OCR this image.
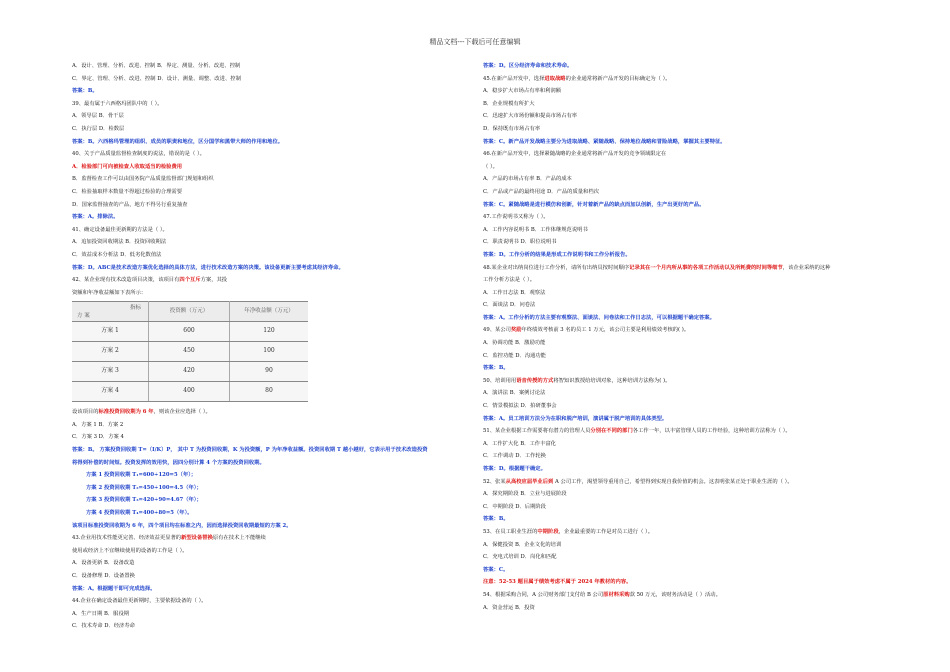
精品文档---下载后可任意编辑
A．设计、管理、分析、改进、控制 B．界定、测量、分析、改进、控制
C．界定、管理、分析、改进、控制 D．设计、测量、调整、改进、控制
答案：B。
39、最有属于六西格玛团队中的（ ）。
A．领导层 B．骨干层
C．执行层 D．检数层
答案：B。六西格玛管理的组织、成员的职责和地位，区分国学和黑带大师的作用和地位。
40、关于产品质量监督检查制度的说法，错误的是（ ）。
A．检验部门可向被检查人收取适当的检验费用
B．监督检查工作可以由国务院产品质量监督部门规划和组织
C．检验抽取样本数量不得超过检验的合理需要
D．国家监督抽查的产品，地方不得另行重复抽查
答案：A。排除法。
41、确定设备最佳更新期的方法是（ ）。
A．追加投资回收期法 B．投资回收期法
C．效益成本分析法 D．低劣化数值法
答案：D。ABC是技术改造方案优化选择的具体方法，进行技术改造方案的决策。该设备更新主要考虑其经济寿命。
42、某企业现有技术改造项目决策，该项目有四个互斥方案，其投
资额和年净收益额如下表所示：
指标
方 案	投资额（万元）	年净收益额（万元）
方案 1	600	120
方案 2	450	100
方案 3	420	90
方案 4	400	80
设该项目的标准投资回收期为 6 年，则该企业应选择（ ）。
A．方案 1 B．方案 2
C．方案 3 D．方案 4
答案：B。 方案投资回收期 T=（I/K）P， 其中 T 为投资回收期，K 为投资额，P 为年净收益额。投资回收期 T 越小越好，它表示用于技术改造投资
将得到补偿的时间短。投资发挥的效用快，因四分别计算 4 个方案的投资回收期。
方案 1 投资回收期 T₁=600÷120=5（年）；
方案 2 投资回收期 T₂=450÷100=4.5（年）；
方案 3 投资回收期 T₃=420÷90=4.67（年）；
方案 4 投资回收期 T₄=400÷80=5（年）。
该项目标准投资回收期为 6 年，四个项目均在标准之内，因而选择投资回收期最短的方案 2。
43.企业用技术性能更完善、经济效益更显著的新型设备替换原有在技术上不能继续
使用或经济上不宜继续使用的设备的工作是（ ）。
A．设备更新 B．设备改造
C．设备修理 D．设备置换
答案：A。根据题干即可完成选择。
44.企业在确定设备最佳更新期时，主要依据设备的（ ）。
A．生产日期 B．服役期
C．技术寿命 D．经济寿命
答案：D。区分经济寿命和技术寿命。
45.在新产品开发中，选择进取战略的企业通常将新产品开发的目标确定为（ ）。
A．稳步扩大市场占有率和利润额
B．企业规模有所扩大
C．迅速扩大市场份额和提高市场占有率
D．保持既有市场占有率
答案：C。新产品开发战略主要分为进取战略、紧随战略、保持地位战略和冒险战略，掌握其主要特征。
46.在新产品开发中，选择紧随战略的企业通常将新产品开发的竞争领域限定在
（ ）。
A．产品的市场占有率 B．产品的成本
C．产品或产品的最终用途 D．产品的质量和档次
答案：C。紧随战略是进行模仿和创新，针对着新产品的缺点而加以创新，生产出更好的产品。
47.工作说明书又称为（ ）。
A．工作内容说明书 B．工作体继规范说明书
C．职责说明书 D．职位说明书
答案：D。工作分析的结果是形成工作说明书和工作分析报告。
48.某企业对出纳岗位进行工作分析，请所有出纳员按时间顺序记录其在一个月内所从事的各项工作活动以及所耗费的时间等细节，该企业采纳的这种
工作分析方法是（ ）。
A．工作日志法 B．观察法
C．面谈法 D．问卷法
答案：A。工作分析的方法主要有观察法、面谈法、问卷法和工作日志法，可以根据题干确定答案。
49、某公司奖励年终绩效考核前 3 名的员工 1 万元，该公司主要是利用绩效考核的( )。
A．协调功能 B．激励功能
C．监控功能 D．沟通功能
答案：B。
50、培训用用语音传授的方式将智知识教授给培训对象，这种培训方法称为( )。
A．演讲法 B．案例讨论法
C．情景模拟法 D．拍研董事会
答案：A。员工培训方法分为在职和脱产培训，演讲属于脱产培训的具体类型。
51、某企业根据工作需要将有潜力的管理人员分别在不同的部门各工作一年，以丰富管理人员的工作经验，这种培训方法称为（ ）。
A．工作扩大化 B．工作丰富化
C．工作调动 D．工作轮换
答案：D。根据题干确定。
52、张某从高校应届毕业后到 A 公司工作，渴望领导重用自己，希望得到实现自我价值的机会。这表明张某正处于职业生涯的（ ）。
A．探究期阶段 B．立业与进展阶段
C．中期阶段 D．后期阶段
答案：B。
53、在员工职业生涯的中期阶段，企业最重要的工作是对员工进行（ ）。
A．保健投资 B．企业文化的培训
C．充电式培训 D．岗化和匹配
答案：C。
注意：52-53 题目属于绩效考虑不属于 2024 年教材的内容。
54、根据采购合同，A 公司财务部门支付给 B 公司原材料采购款 50 万元，该财务活动是（ ）活动。
A．资金营运 B．投资
